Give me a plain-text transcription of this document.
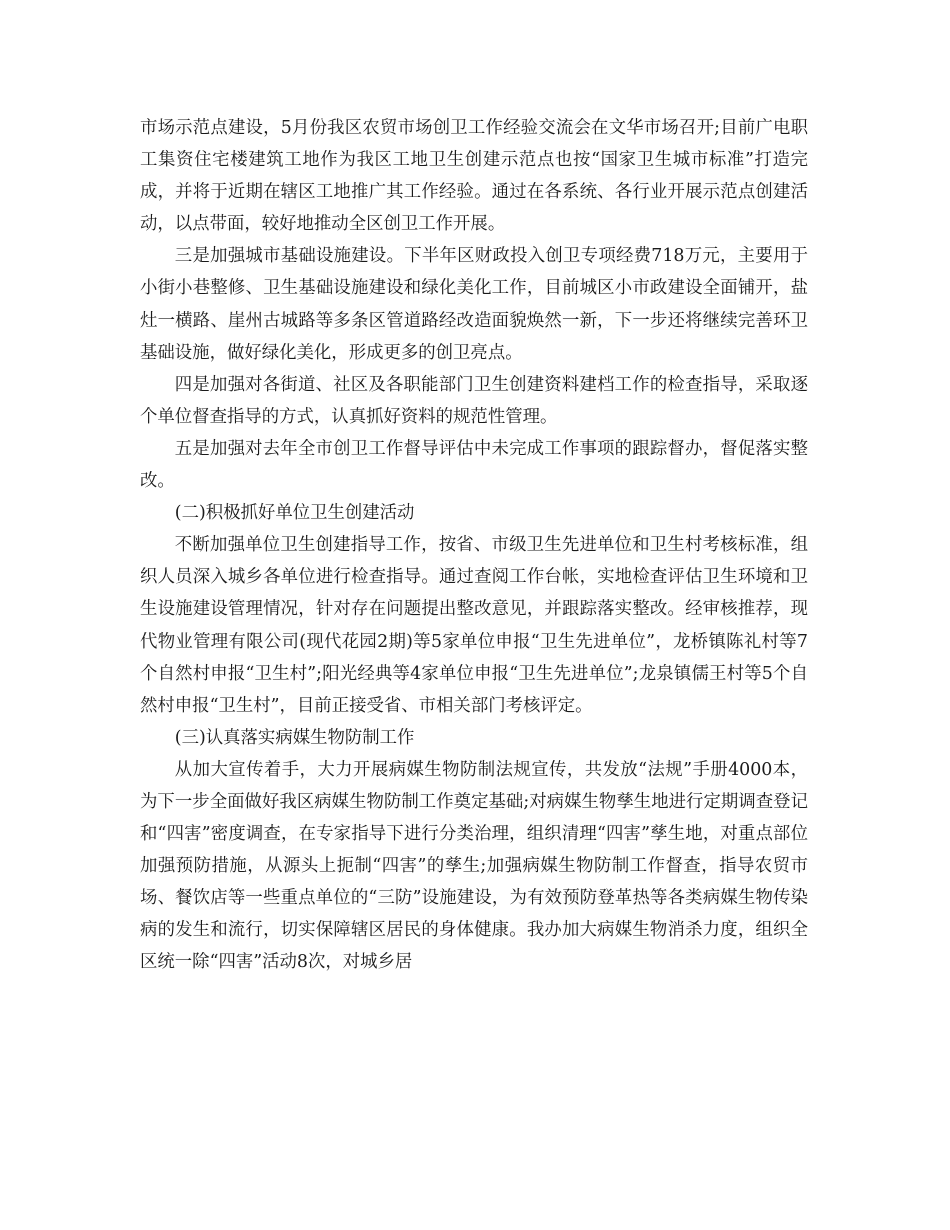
市场示范点建设，5月份我区农贸市场创卫工作经验交流会在文华市场召开;目前广电职工集资住宅楼建筑工地作为我区工地卫生创建示范点也按“国家卫生城市标准”打造完成，并将于近期在辖区工地推广其工作经验。通过在各系统、各行业开展示范点创建活动，以点带面，较好地推动全区创卫工作开展。

三是加强城市基础设施建设。下半年区财政投入创卫专项经费718万元，主要用于小街小巷整修、卫生基础设施建设和绿化美化工作，目前城区小市政建设全面铺开，盐灶一横路、崖州古城路等多条区管道路经改造面貌焕然一新，下一步还将继续完善环卫基础设施，做好绿化美化，形成更多的创卫亮点。

四是加强对各街道、社区及各职能部门卫生创建资料建档工作的检查指导，采取逐个单位督查指导的方式，认真抓好资料的规范性管理。

五是加强对去年全市创卫工作督导评估中未完成工作事项的跟踪督办，督促落实整改。

(二)积极抓好单位卫生创建活动

不断加强单位卫生创建指导工作，按省、市级卫生先进单位和卫生村考核标准，组织人员深入城乡各单位进行检查指导。通过查阅工作台帐，实地检查评估卫生环境和卫生设施建设管理情况，针对存在问题提出整改意见，并跟踪落实整改。经审核推荐，现代物业管理有限公司(现代花园2期)等5家单位申报“卫生先进单位”，龙桥镇陈礼村等7个自然村申报“卫生村”;阳光经典等4家单位申报“卫生先进单位”;龙泉镇儒王村等5个自然村申报“卫生村”，目前正接受省、市相关部门考核评定。

(三)认真落实病媒生物防制工作

从加大宣传着手，大力开展病媒生物防制法规宣传，共发放“法规”手册4000本，为下一步全面做好我区病媒生物防制工作奠定基础;对病媒生物孳生地进行定期调查登记和“四害”密度调查，在专家指导下进行分类治理，组织清理“四害”孳生地，对重点部位加强预防措施，从源头上扼制“四害”的孳生;加强病媒生物防制工作督查，指导农贸市场、餐饮店等一些重点单位的“三防”设施建设，为有效预防登革热等各类病媒生物传染病的发生和流行，切实保障辖区居民的身体健康。我办加大病媒生物消杀力度，组织全区统一除“四害”活动8次，对城乡居
